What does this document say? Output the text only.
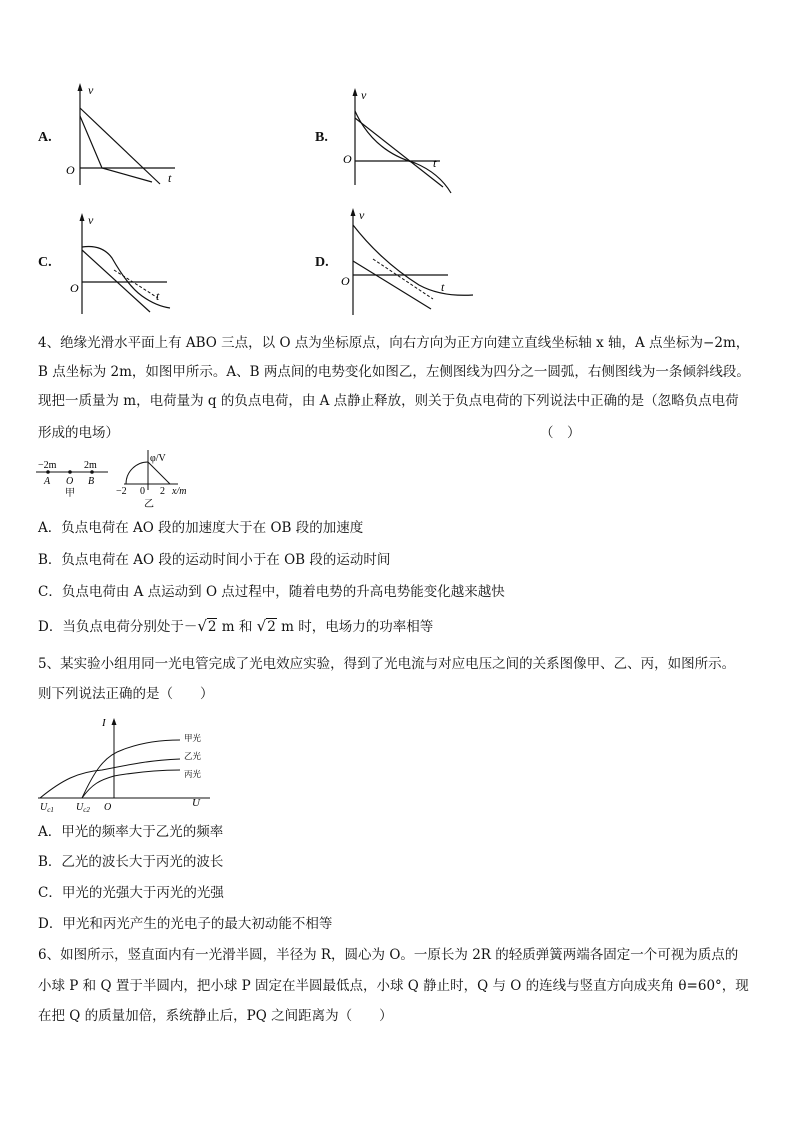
A.
v
O
t
B.
v
O	t
C.
t
v
O
D.
t
v
O
4、绝缘光滑水平面上有 ABO 三点，以 O 点为坐标原点，向右方向为正方向建立直线坐标轴 x 轴，A 点坐标为−2m，
B 点坐标为 2m，如图甲所示。A、B 两点间的电势变化如图乙，左侧图线为四分之一圆弧，右侧图线为一条倾斜线段。
现把一质量为 m，电荷量为 q 的负点电荷，由 A 点静止释放，则关于负点电荷的下列说法中正确的是（忽略负点电荷
形成的电场）	（　）
−2m	2m
A O B
甲
φ/V
−2 0 2 x/m
乙
A．负点电荷在 AO 段的加速度大于在 OB 段的加速度
B．负点电荷在 AO 段的运动时间小于在 OB 段的运动时间
C．负点电荷由 A 点运动到 O 点过程中，随着电势的升高电势能变化越来越快
D．当负点电荷分别处于－√2 m 和 √2 m 时，电场力的功率相等
5、某实验小组用同一光电管完成了光电效应实验，得到了光电流与对应电压之间的关系图像甲、乙、丙，如图所示。
则下列说法正确的是（　　）
I
U
O
$U_{c1}$ $U_{c2}$
甲光
乙光
丙光
A．甲光的频率大于乙光的频率
B．乙光的波长大于丙光的波长
C．甲光的光强大于丙光的光强
D．甲光和丙光产生的光电子的最大初动能不相等
6、如图所示，竖直面内有一光滑半圆，半径为 R，圆心为 O。一原长为 2R 的轻质弹簧两端各固定一个可视为质点的
小球 P 和 Q 置于半圆内，把小球 P 固定在半圆最低点，小球 Q 静止时，Q 与 O 的连线与竖直方向成夹角 θ=60°，现
在把 Q 的质量加倍，系统静止后，PQ 之间距离为（　　）
